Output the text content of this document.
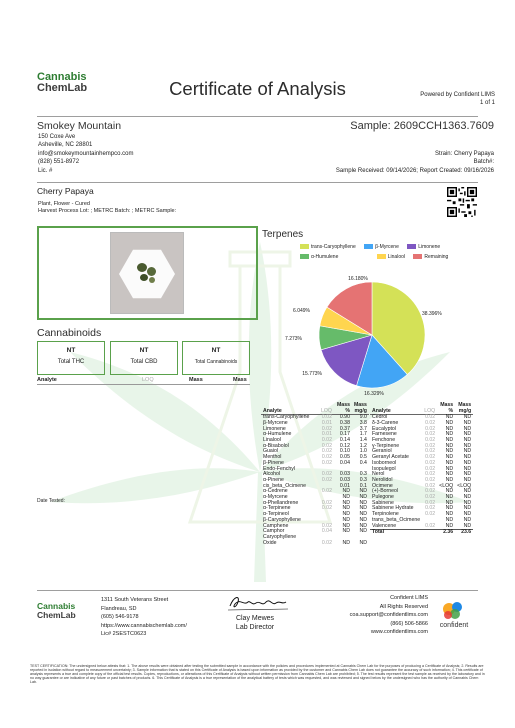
Cannabis
ChemLab	Certificate of Analysis	Powered by Confident LIMS
1 of 1
Smokey Mountain
150 Coxe Ave
Asheville, NC 28801
info@smokeymountainhempco.com
(828) 551-8972
Lic. #
Sample: 2609CCH1363.7609
Strain: Cherry Papaya
Batch#:
Sample Received: 09/14/2026; Report Created: 09/16/2026
Cherry Papaya
Plant, Flower - Cured
Harvest Process Lot: ; METRC Batch: ; METRC Sample:
Cannabinoids
NT
Total THC
NT
Total CBD
NT
Total Cannabinoids
Analyte	LOQ	Mass	Mass
Date Tested:
Terpenes
trans-Caryophyllene	β-Myrcene	Limonene α-Humulene	Linalool	Remaining
38.396%
16.329%
15.773%
7.273%
6.049%
16.180%
Analyte	LOQ	Mass	Mass
		%	mg/g
trans-Caryophyllene	0.02	0.90	9.0
β-Myrcene	0.01	0.38	3.8
Limonene	0.02	0.37	3.7
α-Humulene	0.01	0.17	1.7
Linalool	0.02	0.14	1.4
α-Bisabolol	0.02	0.12	1.2
Guaiol	0.02	0.10	1.0
Menthol	0.02	0.05	0.5
β-Pinene	0.02	0.04	0.4
Endo-Fenchyl			
Alcohol	0.02	0.03	0.3
α-Pinene	0.02	0.03	0.3
cis_beta_Ocimene		0.01	0.1
α-Cedrene	0.02	ND	ND
α-Myrcene		ND	ND
α-Phellandrene	0.02	ND	ND
α-Terpinene	0.02	ND	ND
α-Terpineol		ND	ND
β-Caryophyllene		ND	ND
Camphene	0.02	ND	ND
Camphor	0.04	ND	ND
Caryophyllene			
Oxide	0.02	ND	ND
Analyte	LOQ	Mass	Mass
		%	mg/g
Cedrol	0.02	ND	ND
δ-3-Carene	0.02	ND	ND
Eucalyptol	0.02	ND	ND
Farnesene	0.02	ND	ND
Fenchone	0.02	ND	ND
γ-Terpinene	0.02	ND	ND
Geraniol	0.02	ND	ND
Geranyl Acetate	0.02	ND	ND
Isoborneol	0.02	ND	ND
Isopulegol	0.02	ND	ND
Nerol	0.02	ND	ND
Nerolidol	0.02	ND	ND
Ocimene	0.02	<LOQ	<LOQ
(+)-Borneol	0.02	ND	ND
Pulegone	0.02	ND	ND
Sabinene	0.02	ND	ND
Sabinene Hydrate	0.02	ND	ND
Terpinolene	0.02	ND	ND
trans_beta_Ocimene		ND	ND
Valencene	0.02	ND	ND
Total		2.36	23.6
Cannabis
ChemLab
1311 South Veterans Street
Flandreau, SD
(605) 546-9178
https://www.cannabischemlab.com/
Lic# 2SESTC0623
Clay Mewes
Lab Director
Confident LIMS
All Rights Reserved
coa.support@confidentlims.com
(866) 506-5866
www.confidentlims.com
confident
TEST CERTIFICATION: The undersigned below attests that: 1. The above results were obtained after testing the submitted sample in accordance with the policies and procedures implemented at Cannabis Chem Lab for the purposes of producing a Certificate of Analysis; 2. Results are reported in isolation without regard to measurement uncertainty; 3. Sample information that is stated on this Certificate of Analysis is based upon information as provided by the customer and Cannabis Chem Lab does not guarantee the accuracy of such information; 4. This certificate of analysis represents a true and complete copy of the official test results. Copies, reproductions, or alterations of this Certificate of Analysis without written permission from Cannabis Chem Lab are prohibited; 5. The test results represent the test sample as received by the laboratory and in no way guarantee or are indicative of any future or past batches of products. 6. This Certificate of Analysis is a true representation of the analytical battery of tests which was requested, and was reviewed and signed below by the undersigned who has the authority of Cannabis Chem Lab.
